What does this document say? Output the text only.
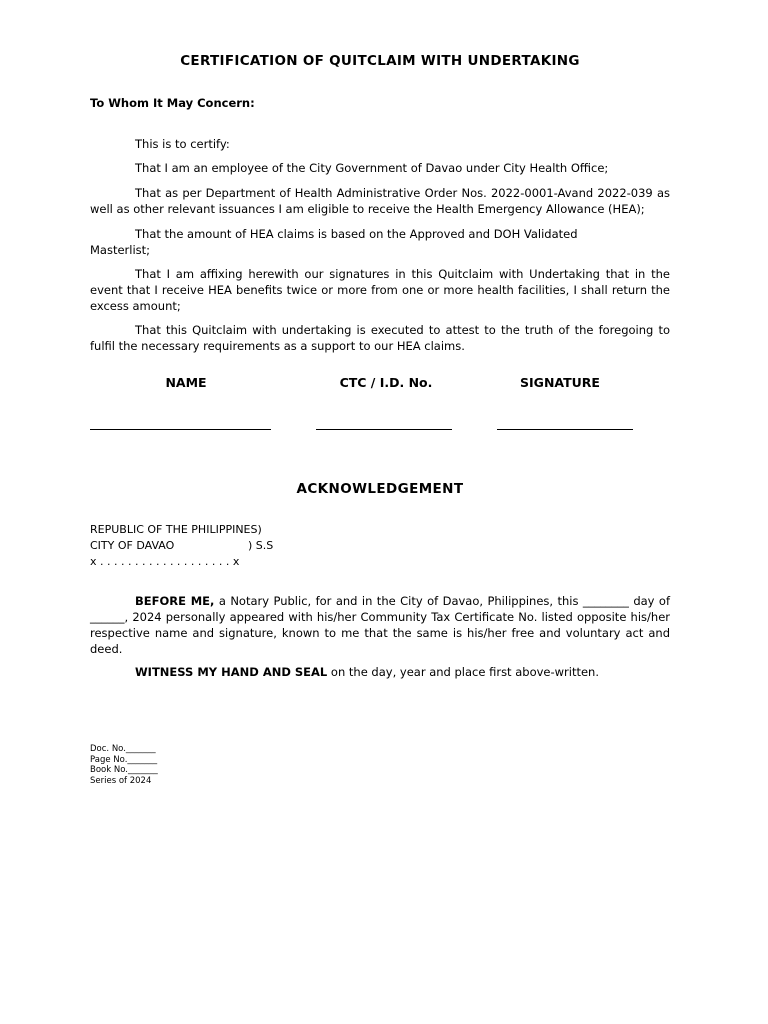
CERTIFICATION OF QUITCLAIM WITH UNDERTAKING
To Whom It May Concern:
This is to certify:
That I am an employee of the City Government of Davao under City Health Office;
That as per Department of Health Administrative Order Nos. 2022-0001-Avand 2022-039 as well as other relevant issuances I am eligible to receive the Health Emergency Allowance (HEA);
That the amount of HEA claims is based on the Approved and DOH Validated
Masterlist;
That I am affixing herewith our signatures in this Quitclaim with Undertaking that in the event that I receive HEA benefits twice or more from one or more health facilities, I shall return the excess amount;
That this Quitclaim with undertaking is executed to attest to the truth of the foregoing to fulfil the necessary requirements as a support to our HEA claims.
NAME	CTC / I.D. No.	SIGNATURE
ACKNOWLEDGEMENT
REPUBLIC OF THE PHILIPPINES)
CITY OF DAVAO	) S.S
x . . . . . . . . . . . . . . . . . . . x
BEFORE ME, a Notary Public, for and in the City of Davao, Philippines, this ________ day of ______, 2024 personally appeared with his/her Community Tax Certificate No. listed opposite his/her respective name and signature, known to me that the same is his/her free and voluntary act and deed.
WITNESS MY HAND AND SEAL on the day, year and place first above-written.
Doc. No._______
Page No._______
Book No._______
Series of 2024
